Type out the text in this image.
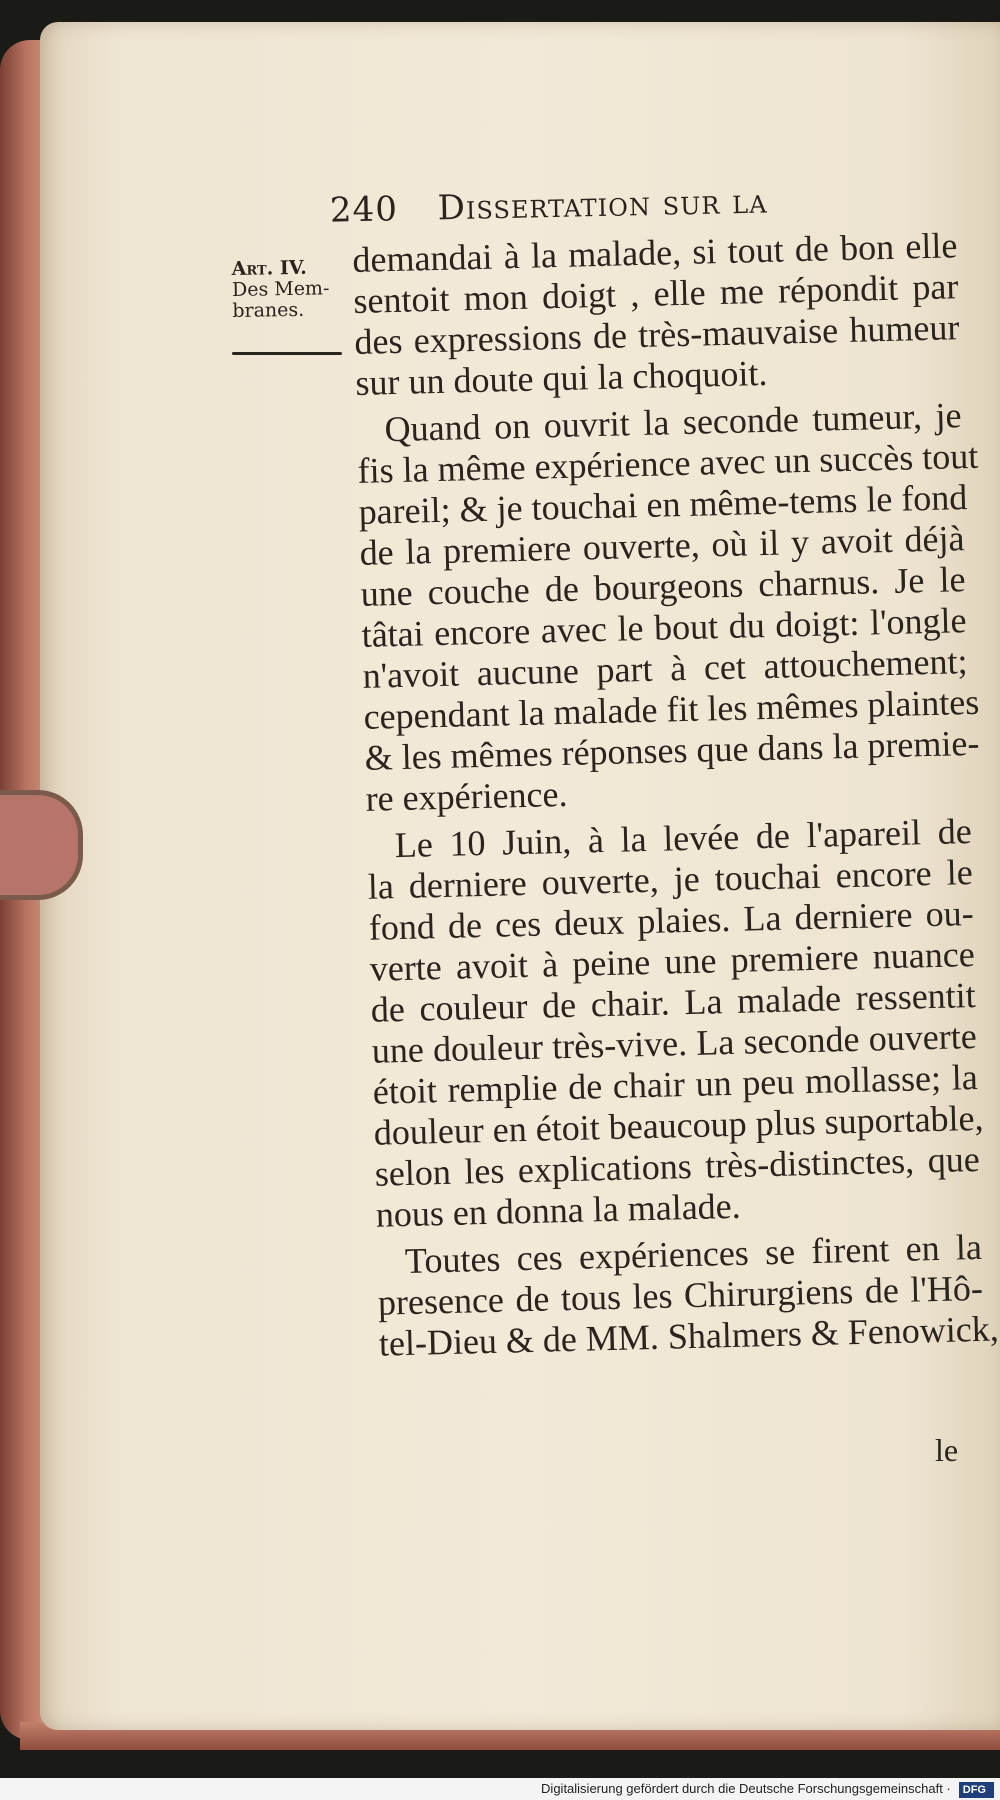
240 Dissertation sur la
Art. IV.
Des Mem-
branes.
demandai à la malade, si tout de bon elle
sentoit mon doigt , elle me répondit par
des expressions de très-mauvaise humeur
sur un doute qui la choquoit.
Quand on ouvrit la seconde tumeur, je
fis la même expérience avec un succès tout
pareil; & je touchai en même-tems le fond
de la premiere ouverte, où il y avoit déjà
une couche de bourgeons charnus. Je le
tâtai encore avec le bout du doigt: l'ongle
n'avoit aucune part à cet attouchement;
cependant la malade fit les mêmes plaintes
& les mêmes réponses que dans la premie-
re expérience.
Le 10 Juin, à la levée de l'apareil de
la derniere ouverte, je touchai encore le
fond de ces deux plaies. La derniere ou-
verte avoit à peine une premiere nuance
de couleur de chair. La malade ressentit
une douleur très-vive. La seconde ouverte
étoit remplie de chair un peu mollasse; la
douleur en étoit beaucoup plus suportable,
selon les explications très-distinctes, que
nous en donna la malade.
Toutes ces expériences se firent en la
presence de tous les Chirurgiens de l'Hô-
tel-Dieu & de MM. Shalmers & Fenowick,
le
Digitalisierung gefördert durch die Deutsche Forschungsgemeinschaft · DFG
